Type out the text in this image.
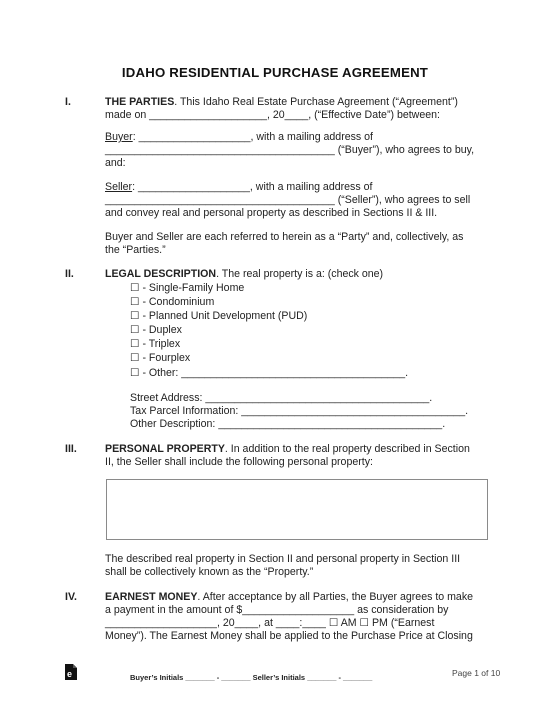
IDAHO RESIDENTIAL PURCHASE AGREEMENT
I.	THE PARTIES. This Idaho Real Estate Purchase Agreement (“Agreement”)
made on ____________________, 20____, (“Effective Date”) between:
Buyer: ___________________, with a mailing address of
_______________________________________ (“Buyer”), who agrees to buy,
and:
Seller: ___________________, with a mailing address of
_______________________________________ (“Seller”), who agrees to sell
and convey real and personal property as described in Sections II & III.
Buyer and Seller are each referred to herein as a “Party” and, collectively, as
the “Parties.”
II.	LEGAL DESCRIPTION. The real property is a: (check one)
☐ - Single-Family Home
☐ - Condominium
☐ - Planned Unit Development (PUD)
☐ - Duplex
☐ - Triplex
☐ - Fourplex
☐ - Other: ______________________________________.
Street Address: ______________________________________.
Tax Parcel Information: ______________________________________.
Other Description: ______________________________________.
III.	PERSONAL PROPERTY. In addition to the real property described in Section
II, the Seller shall include the following personal property:
The described real property in Section II and personal property in Section III
shall be collectively known as the “Property.”
IV.	EARNEST MONEY. After acceptance by all Parties, the Buyer agrees to make
a payment in the amount of $___________________ as consideration by
___________________, 20____, at ____:____ ☐ AM ☐ PM (“Earnest
Money”). The Earnest Money shall be applied to the Purchase Price at Closing
e	Buyer’s Initials _______ - _______ Seller’s Initials _______ - _______	Page 1 of 10
